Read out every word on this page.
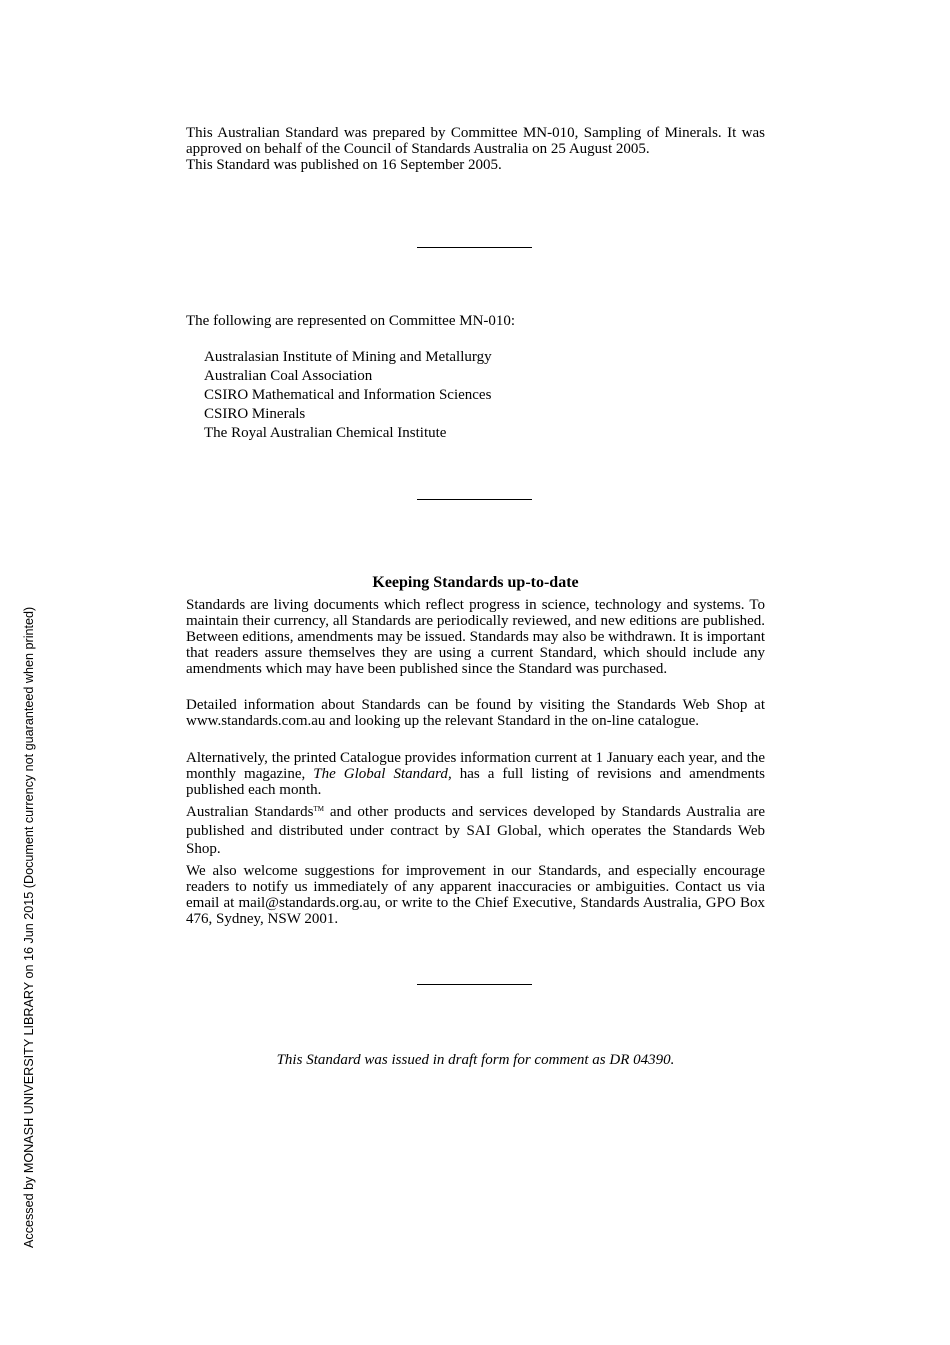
This Australian Standard was prepared by Committee MN-010, Sampling of Minerals. It was approved on behalf of the Council of Standards Australia on 25 August 2005.

This Standard was published on 16 September 2005.

The following are represented on Committee MN-010:
Australasian Institute of Mining and Metallurgy
Australian Coal Association
CSIRO Mathematical and Information Sciences
CSIRO Minerals
The Royal Australian Chemical Institute
Keeping Standards up-to-date
Standards are living documents which reflect progress in science, technology and systems. To maintain their currency, all Standards are periodically reviewed, and new editions are published. Between editions, amendments may be issued. Standards may also be withdrawn. It is important that readers assure themselves they are using a current Standard, which should include any amendments which may have been published since the Standard was purchased.
Detailed information about Standards can be found by visiting the Standards Web Shop at www.standards.com.au and looking up the relevant Standard in the on-line catalogue.
Alternatively, the printed Catalogue provides information current at 1 January each year, and the monthly magazine, The Global Standard, has a full listing of revisions and amendments published each month.
Australian Standards™ and other products and services developed by Standards Australia are published and distributed under contract by SAI Global, which operates the Standards Web Shop.
We also welcome suggestions for improvement in our Standards, and especially encourage readers to notify us immediately of any apparent inaccuracies or ambiguities. Contact us via email at mail@standards.org.au, or write to the Chief Executive, Standards Australia, GPO Box 476, Sydney, NSW 2001.
This Standard was issued in draft form for comment as DR 04390.
Accessed by MONASH UNIVERSITY LIBRARY on 16 Jun 2015 (Document currency not guaranteed when printed)
